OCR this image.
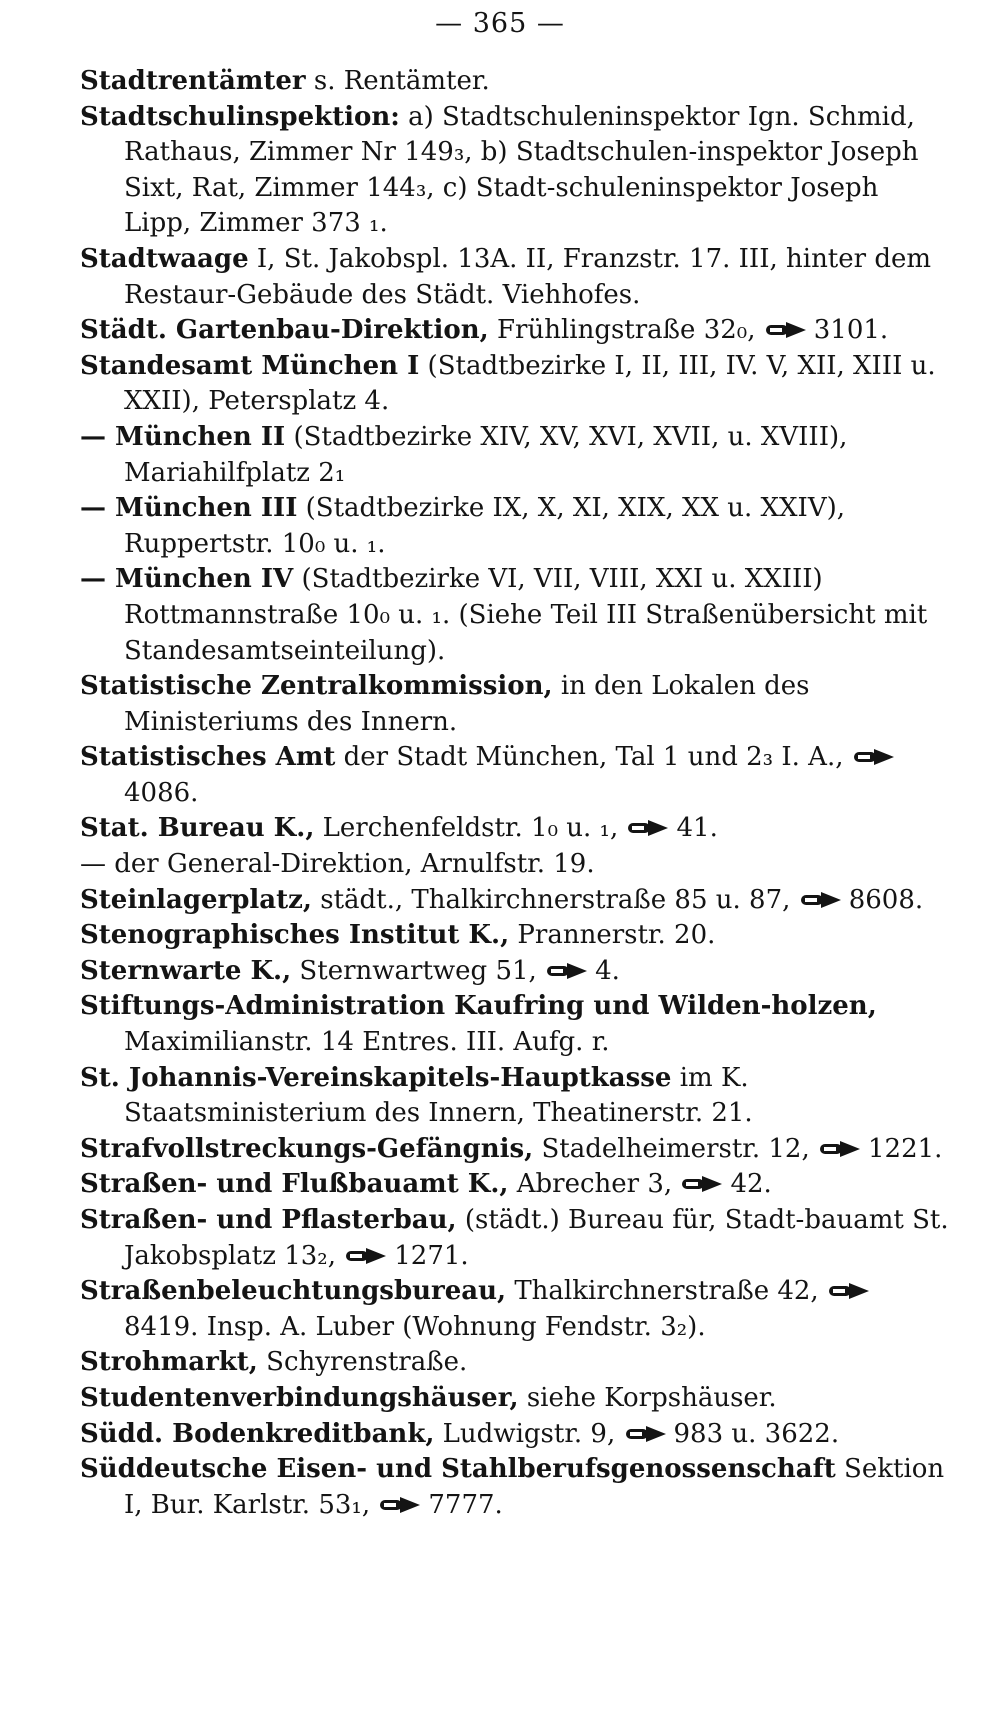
— 365 —

Stadtrentämter s. Rentämter.

Stadtschulinspektion: a) Stadtschuleninspektor Ign. Schmid, Rathaus, Zimmer Nr 149₃, b) Stadtschulen-inspektor Joseph Sixt, Rat, Zimmer 144₃, c) Stadt-schuleninspektor Joseph Lipp, Zimmer 373 ₁.

Stadtwaage I, St. Jakobspl. 13A. II, Franzstr. 17. III, hinter dem Restaur-Gebäude des Städt. Viehhofes.

Städt. Gartenbau-Direktion, Frühlingstraße 32₀, 3101.

Standesamt München I (Stadtbezirke I, II, III, IV. V, XII, XIII u. XXII), Petersplatz 4.

— München II (Stadtbezirke XIV, XV, XVI, XVII, u. XVIII), Mariahilfplatz 2₁

— München III (Stadtbezirke IX, X, XI, XIX, XX u. XXIV), Ruppertstr. 10₀ u. ₁.

— München IV (Stadtbezirke VI, VII, VIII, XXI u. XXIII) Rottmannstraße 10₀ u. ₁. (Siehe Teil III Straßenübersicht mit Standesamtseinteilung).

Statistische Zentralkommission, in den Lokalen des Ministeriums des Innern.

Statistisches Amt der Stadt München, Tal 1 und 2₃ I. A.,
4086.

Stat. Bureau K., Lerchenfeldstr. 1₀ u. ₁, 41.

— der General-Direktion, Arnulfstr. 19.

Steinlagerplatz, städt., Thalkirchnerstraße 85 u. 87, 8608.

Stenographisches Institut K., Prannerstr. 20.

Sternwarte K., Sternwartweg 51, 4.

Stiftungs-Administration Kaufring und Wilden-holzen, Maximilianstr. 14 Entres. III. Aufg. r.

St. Johannis-Vereinskapitels-Hauptkasse im K. Staatsministerium des Innern, Theatinerstr. 21.

Strafvollstreckungs-Gefängnis, Stadelheimerstr. 12, 1221.

Straßen- und Flußbauamt K., Abrecher 3, 42.

Straßen- und Pflasterbau, (städt.) Bureau für, Stadt-bauamt St. Jakobsplatz 13₂, 1271.

Straßenbeleuchtungsbureau, Thalkirchnerstraße 42,
8419. Insp. A. Luber (Wohnung Fendstr. 3₂).

Strohmarkt, Schyrenstraße.

Studentenverbindungshäuser, siehe Korpshäuser.

Südd. Bodenkreditbank, Ludwigstr. 9, 983 u. 3622.

Süddeutsche Eisen- und Stahlberufsgenossenschaft Sektion I, Bur. Karlstr. 53₁, 7777.
